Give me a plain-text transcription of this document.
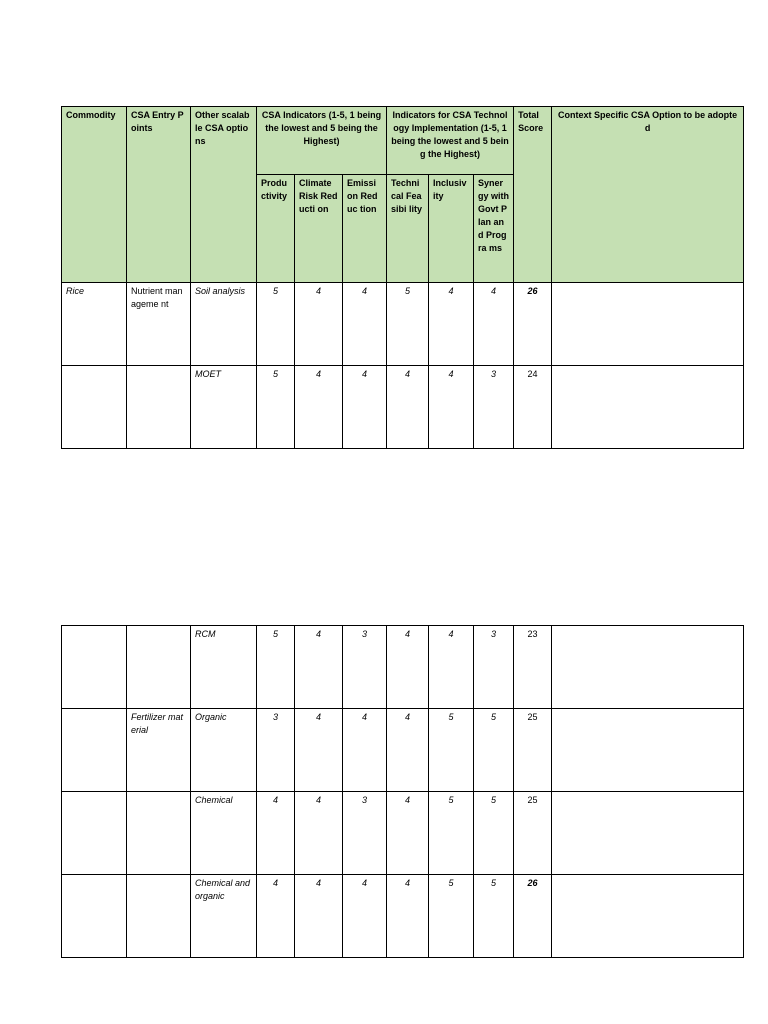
Commodity	CSA Entry Points	Other scalable CSA options	CSA Indicators (1-5, 1 being the lowest and 5 being the Highest)			Indicators for CSA Technology Implementation (1-5, 1 being the lowest and 5 being the Highest)			Total Score	Context Specific CSA Option to be adopted
			Produ ctivity	Climate Risk Reducti on	Emissi on Reduc tion	Techni cal Feasibi lity	Inclusiv ity	Syner gy with Govt Plan and Progra ms		
Rice	Nutrient manageme nt	Soil analysis	5	4	4	5	4	4	26	
		MOET	5	4	4	4	4	3	24	
		RCM	5	4	3	4	4	3	23	
	Fertilizer material	Organic	3	4	4	4	5	5	25	
		Chemical	4	4	3	4	5	5	25	
		Chemical and organic	4	4	4	4	5	5	26	
